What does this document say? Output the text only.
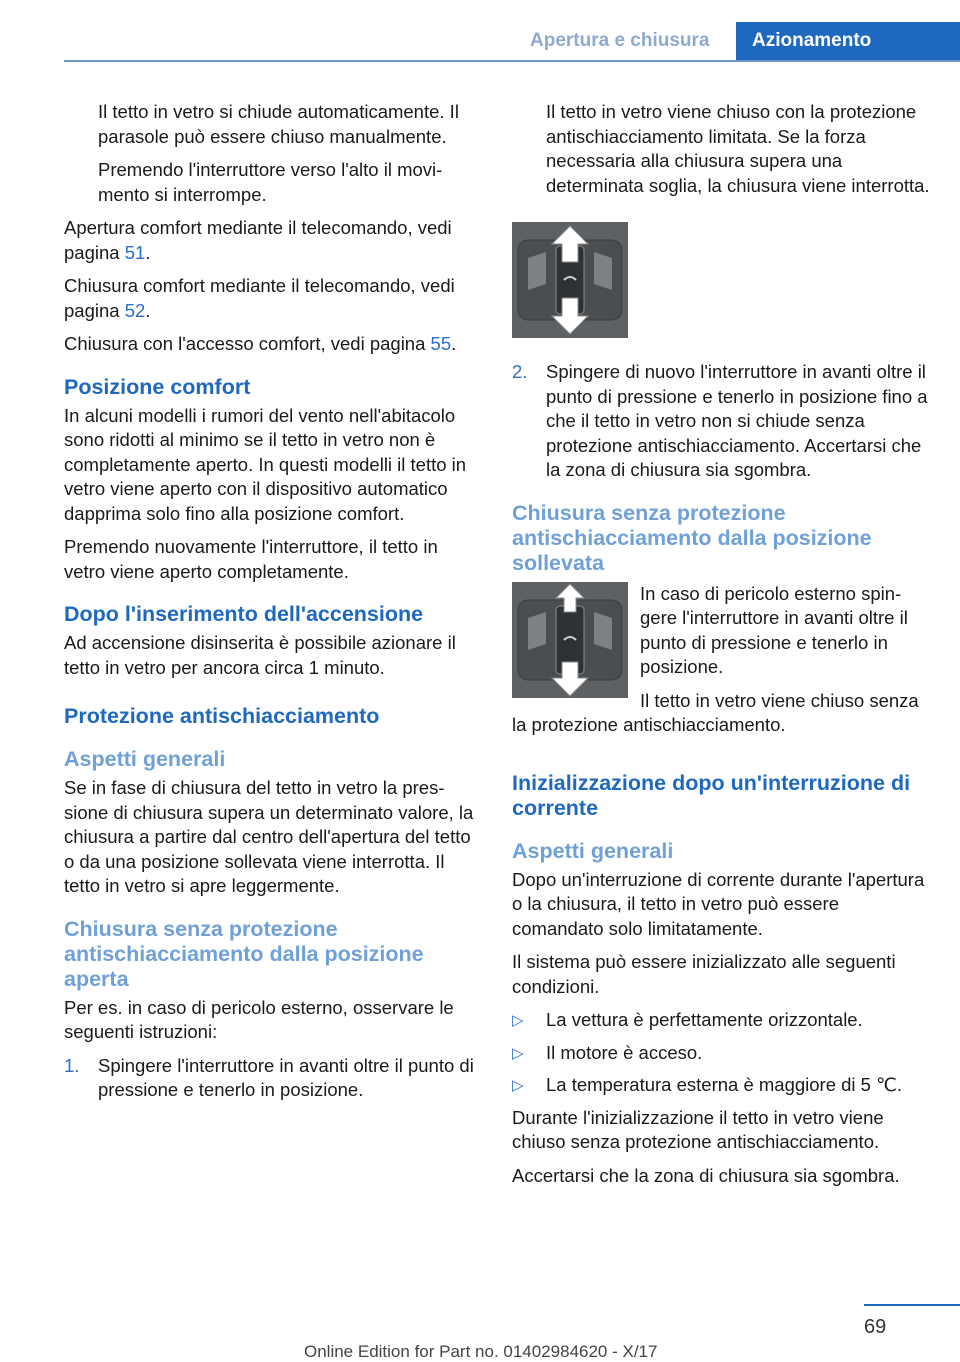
Apertura e chiusura	Azionamento

Il tetto in vetro si chiude automaticamente. Il parasole può essere chiuso manualmente.

Premendo l'interruttore verso l'alto il movimento si interrompe.

Apertura comfort mediante il telecomando, vedi pagina 51.

Chiusura comfort mediante il telecomando, vedi pagina 52.

Chiusura con l'accesso comfort, vedi pagina 55.

Posizione comfort

In alcuni modelli i rumori del vento nell'abitacolo sono ridotti al minimo se il tetto in vetro non è completamente aperto. In questi modelli il tetto in vetro viene aperto con il dispositivo automatico dapprima solo fino alla posizione comfort.

Premendo nuovamente l'interruttore, il tetto in vetro viene aperto completamente.

Dopo l'inserimento dell'accensione

Ad accensione disinserita è possibile azionare il tetto in vetro per ancora circa 1 minuto.

Protezione antischiacciamento
Aspetti generali

Se in fase di chiusura del tetto in vetro la pressione di chiusura supera un determinato valore, la chiusura a partire dal centro dell'apertura del tetto o da una posizione sollevata viene interrotta. Il tetto in vetro si apre leggermente.

Chiusura senza protezione antischiacciamento dalla posizione aperta

Per es. in caso di pericolo esterno, osservare le seguenti istruzioni:

1. Spingere l'interruttore in avanti oltre il punto di pressione e tenerlo in posizione.

Il tetto in vetro viene chiuso con la protezione antischiacciamento limitata. Se la forza necessaria alla chiusura supera una determinata soglia, la chiusura viene interrotta.

2. Spingere di nuovo l'interruttore in avanti oltre il punto di pressione e tenerlo in posizione fino a che il tetto in vetro non si chiude senza protezione antischiacciamento. Accertarsi che la zona di chiusura sia sgombra.
Chiusura senza protezione antischiacciamento dalla posizione sollevata

In caso di pericolo esterno spingere l'interruttore in avanti oltre il punto di pressione e tenerlo in posizione.

Il tetto in vetro viene chiuso senza la protezione antischiacciamento.

Inizializzazione dopo un'interruzione di corrente
Aspetti generali

Dopo un'interruzione di corrente durante l'apertura o la chiusura, il tetto in vetro può essere comandato solo limitatamente.

Il sistema può essere inizializzato alle seguenti condizioni.

▷ La vettura è perfettamente orizzontale.
▷ Il motore è acceso.
▷ La temperatura esterna è maggiore di 5 ℃.

Durante l'inizializzazione il tetto in vetro viene chiuso senza protezione antischiacciamento.

Accertarsi che la zona di chiusura sia sgombra.

69
Online Edition for Part no. 01402984620 - X/17
